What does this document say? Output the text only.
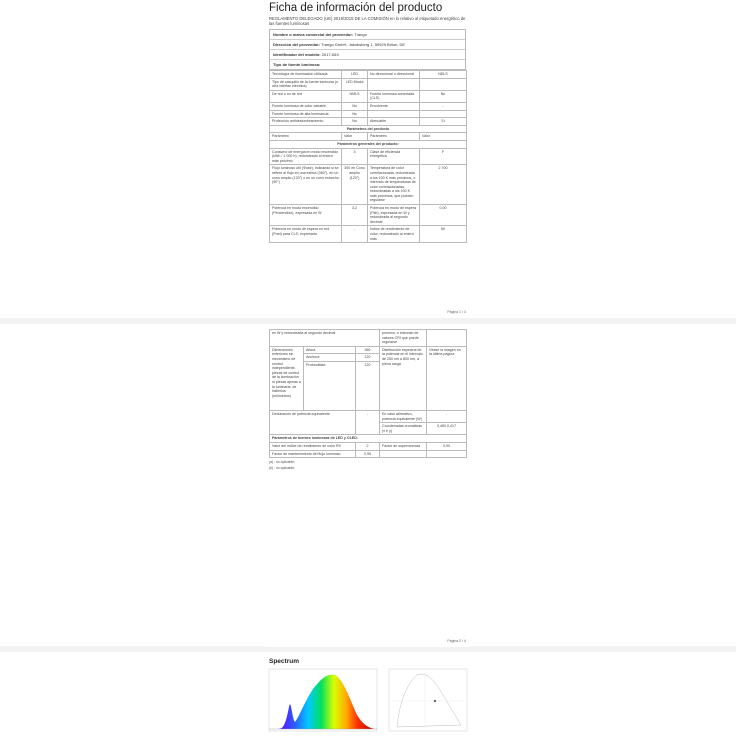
Ficha de información del producto
REGLAMENTO DELEGADO (UE) 2019/2015 DE LA COMISIÓN en lo relativo al etiquetado energético de las fuentes luminosas
Nombre o marca comercial del proveedor: Trango
Dirección del proveedor: Trango GmbH, Jakobsberg 1, 59929 Brilon, DE
Identificador del modelo: 2017-06X
Tipo de fuente luminosa:
Tecnología de iluminación utilizada	LED	No direccional o direccional	NDLS
Tipo de casquillo de la fuente luminosa (u otra interfaz eléctrica)	LED Modul		
De red o no de red	NMLS	Fuente luminosa conectada (CLS)	No
Fuente luminosa de color variable	No	Envolvente	-
Fuente luminosa de alta luminancia	No		
Protección antideslumbramiento	No	Atenuable	Sí
Parámetros del producto			
Parámetro	Valor	Parámetro	Valor
Parámetros generales del producto:			
Consumo de energía en modo encendido (kWh / 1 000 h), redondeado al entero más próximo	3	Clase de eficiencia energética	F
Flujo luminoso útil (Φuse), indicando si se refiere al flujo en una esfera (360°), en un cono amplio (120°) o en un cono estrecho (90°)	300 en Cono amplio (120°)	Temperatura de color correlacionada, redondeada a los 100 K más próximos, o intervalo de temperaturas de color correlacionadas, redondeadas a los 100 K más próximos, que pueden regularse	2 700
Potencia en modo encendido (Pencendido), expresada en W	3,2	Potencia en modo de espera (Psb), expresada en W y redondeada al segundo decimal	0,00
Potencia en modo de espera en red (Pnet) para CLS, expresada	-	Índice de rendimiento de color, redondeado al entero más	80
Página 1 / 4
en W y redondeada al segundo decimal			próximo, o intervalo de valores CRI que puede regularse	
Dimensiones exteriores sin mecanismo de control independiente, piezas de control de la iluminación ni piezas ajenas a la luminaria, de haberlos (milímetros)	Altura	360	Distribución espectral de la potencia en el intervalo de 250 nm a 800 nm, a plena carga	Véase la imagen en la última página
	Anchura	120		
	Profundidad	120		
Declaración de potencia equivalente		-	En caso afirmativo, potencia equivalente (W)	-
			Coordenadas cromáticas (x e y)	0,460 0,417
Parámetros de fuentes luminosas de LED y OLED:				
Valor del índice de rendimiento de color R9		2	Factor de supervivencia	0,90
Factor de mantenimiento del flujo luminoso		0,95		
(a) : no aplicable;
(b) : no aplicable;
Página 2 / 4
Spectrum
